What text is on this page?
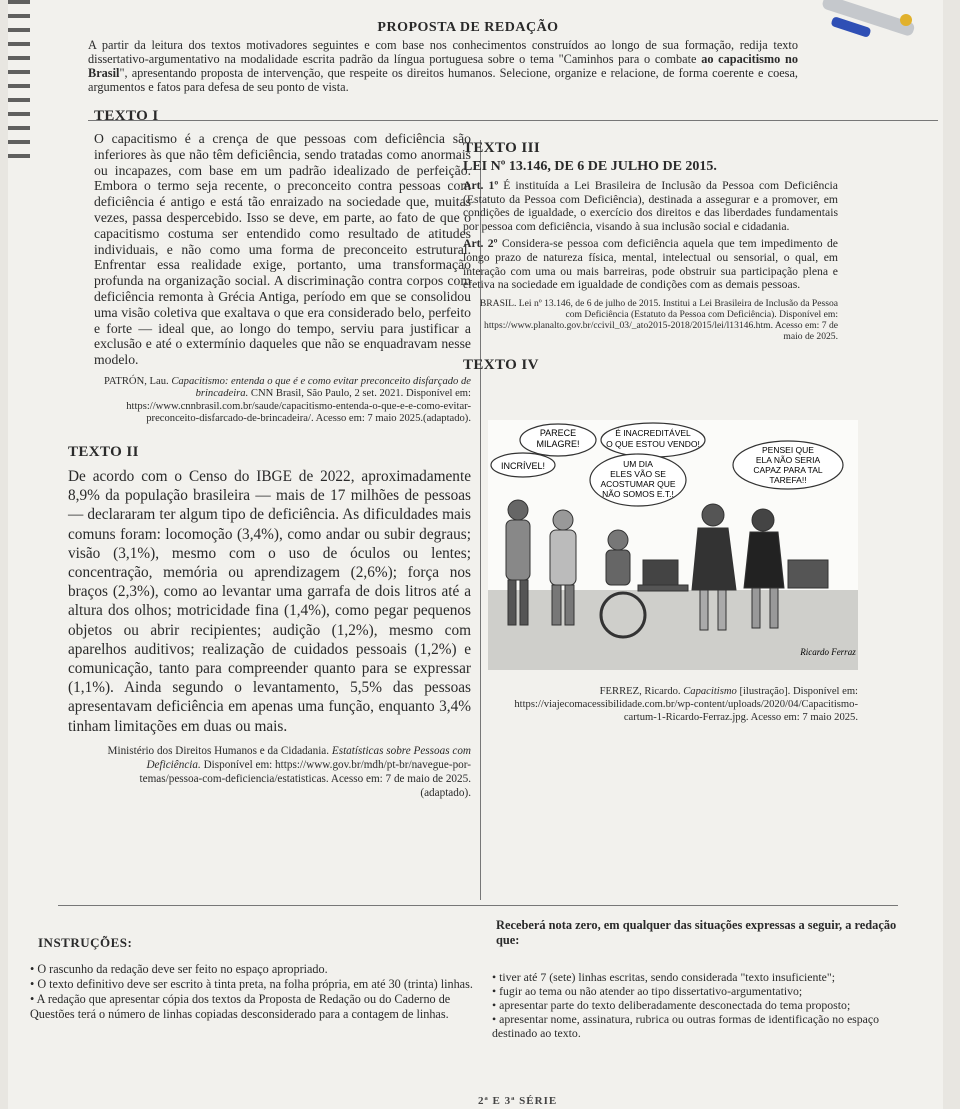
PROPOSTA DE REDAÇÃO
A partir da leitura dos textos motivadores seguintes e com base nos conhecimentos construídos ao longo de sua formação, redija texto dissertativo-argumentativo na modalidade escrita padrão da língua portuguesa sobre o tema "Caminhos para o combate ao capacitismo no Brasil", apresentando proposta de intervenção, que respeite os direitos humanos. Selecione, organize e relacione, de forma coerente e coesa, argumentos e fatos para defesa de seu ponto de vista.
TEXTO I

O capacitismo é a crença de que pessoas com deficiência são inferiores às que não têm deficiência, sendo tratadas como anormais ou incapazes, com base em um padrão idealizado de perfeição. Embora o termo seja recente, o preconceito contra pessoas com deficiência é antigo e está tão enraizado na sociedade que, muitas vezes, passa despercebido. Isso se deve, em parte, ao fato de que o capacitismo costuma ser entendido como resultado de atitudes individuais, e não como uma forma de preconceito estrutural. Enfrentar essa realidade exige, portanto, uma transformação profunda na organização social. A discriminação contra corpos com deficiência remonta à Grécia Antiga, período em que se consolidou uma visão coletiva que exaltava o que era considerado belo, perfeito e forte — ideal que, ao longo do tempo, serviu para justificar a exclusão e até o extermínio daqueles que não se enquadravam nesse modelo.

PATRÓN, Lau. Capacitismo: entenda o que é e como evitar preconceito disfarçado de brincadeira. CNN Brasil, São Paulo, 2 set. 2021. Disponível em: https://www.cnnbrasil.com.br/saude/capacitismo-entenda-o-que-e-e-como-evitar-preconceito-disfarcado-de-brincadeira/. Acesso em: 7 maio 2025.(adaptado).
TEXTO II

De acordo com o Censo do IBGE de 2022, aproximadamente 8,9% da população brasileira — mais de 17 milhões de pessoas — declararam ter algum tipo de deficiência. As dificuldades mais comuns foram: locomoção (3,4%), como andar ou subir degraus; visão (3,1%), mesmo com o uso de óculos ou lentes; concentração, memória ou aprendizagem (2,6%); força nos braços (2,3%), como ao levantar uma garrafa de dois litros até a altura dos olhos; motricidade fina (1,4%), como pegar pequenos objetos ou abrir recipientes; audição (1,2%), mesmo com aparelhos auditivos; realização de cuidados pessoais (1,2%) e comunicação, tanto para compreender quanto para se expressar (1,1%). Ainda segundo o levantamento, 5,5% das pessoas apresentavam deficiência em apenas uma função, enquanto 3,4% tinham limitações em duas ou mais.

Ministério dos Direitos Humanos e da Cidadania. Estatísticas sobre Pessoas com Deficiência. Disponível em: https://www.gov.br/mdh/pt-br/navegue-por-temas/pessoa-com-deficiencia/estatisticas. Acesso em: 7 de maio de 2025. (adaptado).
TEXTO III
LEI Nº 13.146, DE 6 DE JULHO DE 2015.

Art. 1º É instituída a Lei Brasileira de Inclusão da Pessoa com Deficiência (Estatuto da Pessoa com Deficiência), destinada a assegurar e a promover, em condições de igualdade, o exercício dos direitos e das liberdades fundamentais por pessoa com deficiência, visando à sua inclusão social e cidadania.

Art. 2º Considera-se pessoa com deficiência aquela que tem impedimento de longo prazo de natureza física, mental, intelectual ou sensorial, o qual, em interação com uma ou mais barreiras, pode obstruir sua participação plena e efetiva na sociedade em igualdade de condições com as demais pessoas.

BRASIL. Lei nº 13.146, de 6 de julho de 2015. Institui a Lei Brasileira de Inclusão da Pessoa com Deficiência (Estatuto da Pessoa com Deficiência). Disponível em: https://www.planalto.gov.br/ccivil_03/_ato2015-2018/2015/lei/l13146.htm. Acesso em: 7 de maio de 2025.
TEXTO IV
PARECE
MILAGRE!
INCRÍVEL!
É INACREDITÁVEL
O QUE ESTOU VENDO!
UM DIA
ELES VÃO SE
ACOSTUMAR QUE
NÃO SOMOS E.T.!
PENSEI QUE
ELA NÃO SERIA
CAPAZ PARA TAL
TAREFA!!
Ricardo Ferraz
FERREZ, Ricardo. Capacitismo [ilustração]. Disponível em: https://viajecomacessibilidade.com.br/wp-content/uploads/2020/04/Capacitismo-cartum-1-Ricardo-Ferraz.jpg. Acesso em: 7 maio 2025.
INSTRUÇÕES:

• O rascunho da redação deve ser feito no espaço apropriado.

• O texto definitivo deve ser escrito à tinta preta, na folha própria, em até 30 (trinta) linhas.

• A redação que apresentar cópia dos textos da Proposta de Redação ou do Caderno de Questões terá o número de linhas copiadas desconsiderado para a contagem de linhas.

Receberá nota zero, em qualquer das situações expressas a seguir, a redação que:

• tiver até 7 (sete) linhas escritas, sendo considerada "texto insuficiente";

• fugir ao tema ou não atender ao tipo dissertativo-argumentativo;

• apresentar parte do texto deliberadamente desconectada do tema proposto;

• apresentar nome, assinatura, rubrica ou outras formas de identificação no espaço destinado ao texto.

2ª E 3ª SÉRIE
